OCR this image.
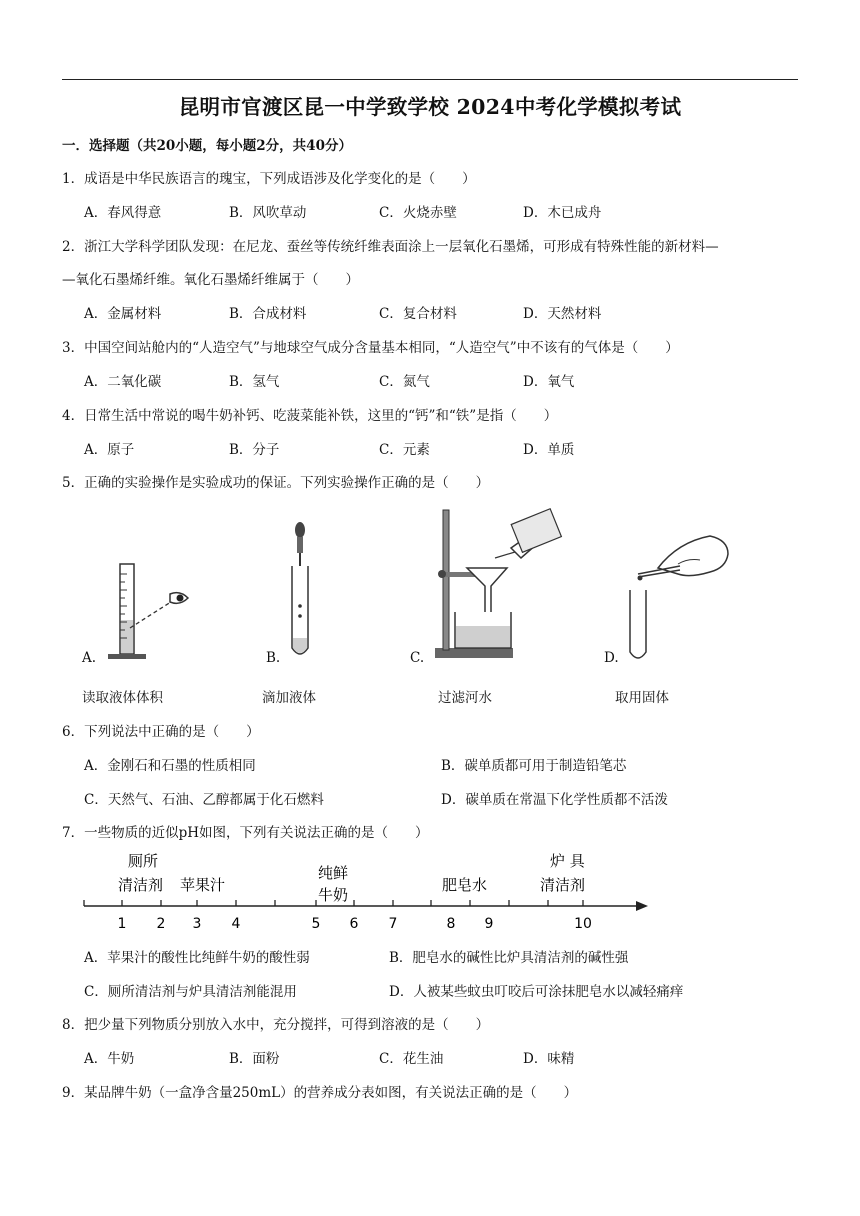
昆明市官渡区昆一中学致学校 2024中考化学模拟考试
一．选择题（共20小题，每小题2分，共40分）
1．成语是中华民族语言的瑰宝，下列成语涉及化学变化的是（　　）
A．春风得意	B．风吹草动	C．火烧赤壁	D．木已成舟
2．浙江大学科学团队发现：在尼龙、蚕丝等传统纤维表面涂上一层氧化石墨烯，可形成有特殊性能的新材料—
—氧化石墨烯纤维。氧化石墨烯纤维属于（　　）
A．金属材料	B．合成材料	C．复合材料	D．天然材料
3．中国空间站舱内的“人造空气”与地球空气成分含量基本相同，“人造空气”中不该有的气体是（　　）
A．二氧化碳	B．氢气	C．氮气	D．氧气
4．日常生活中常说的喝牛奶补钙、吃菠菜能补铁，这里的“钙”和“铁”是指（　　）
A．原子	B．分子	C．元素	D．单质
5．正确的实验操作是实验成功的保证。下列实验操作正确的是（　　）
A.
读取液体体积
B.
滴加液体
C.
过滤河水
D.
取用固体
6．下列说法中正确的是（　　）
A．金刚石和石墨的性质相同	B．碳单质都可用于制造铅笔芯
C．天然气、石油、乙醇都属于化石燃料	D．碳单质在常温下化学性质都不活泼
7．一些物质的近似pH如图，下列有关说法正确的是（　　）
厕所
清洁剂 苹果汁
纯鲜
牛奶
肥皂水
炉 具
清洁剂
1 2 3 4	5 6 7	8 9	10
A．苹果汁的酸性比纯鲜牛奶的酸性弱	B．肥皂水的碱性比炉具清洁剂的碱性强
C．厕所清洁剂与炉具清洁剂能混用	D．人被某些蚊虫叮咬后可涂抹肥皂水以减轻痛痒
8．把少量下列物质分别放入水中，充分搅拌，可得到溶液的是（　　）
A．牛奶	B．面粉	C．花生油	D．味精
9．某品牌牛奶（一盒净含量250mL）的营养成分表如图，有关说法正确的是（　　）
